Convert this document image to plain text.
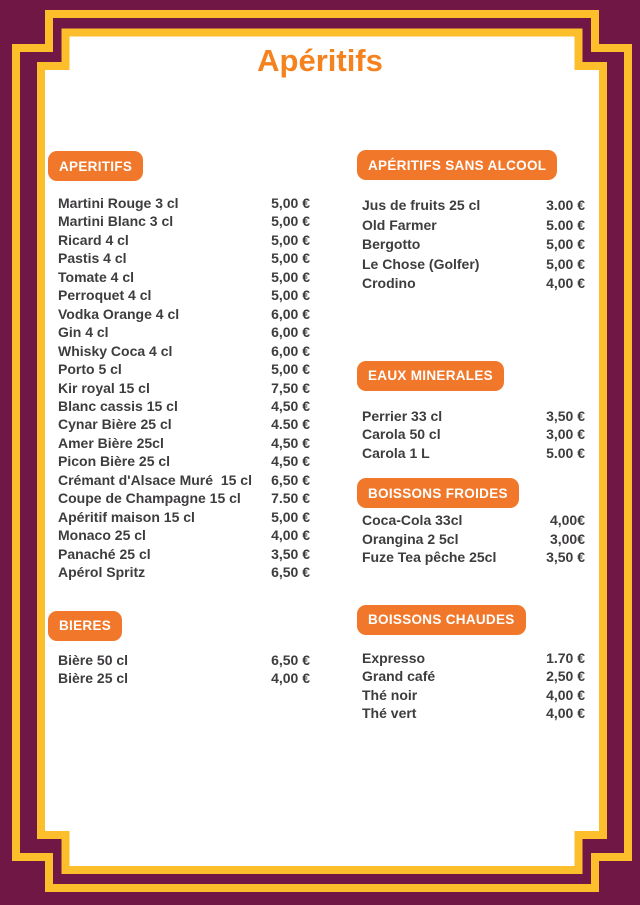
Apéritifs
APERITIFS
Martini Rouge 3 cl	5,00 €
Martini Blanc 3 cl	5,00 €
Ricard 4 cl	5,00 €
Pastis 4 cl	5,00 €
Tomate 4 cl	5,00 €
Perroquet 4 cl	5,00 €
Vodka Orange 4 cl	6,00 €
Gin 4 cl	6,00 €
Whisky Coca 4 cl	6,00 €
Porto 5 cl	5,00 €
Kir royal 15 cl	7,50 €
Blanc cassis 15 cl	4,50 €
Cynar Bière 25 cl	4.50 €
Amer Bière 25cl	4,50 €
Picon Bière 25 cl	4,50 €
Crémant d'Alsace Muré  15 cl 6,50 €
Coupe de Champagne 15 cl 7.50 €
Apéritif maison 15 cl	5,00 €
Monaco 25 cl	4,00 €
Panaché 25 cl	3,50 €
Apérol Spritz	6,50 €
BIERES
Bière 50 cl	6,50 €
Bière 25 cl	4,00 €
APÉRITIFS SANS ALCOOL
Jus de fruits 25 cl	3.00 €
Old Farmer	5.00 €
Bergotto	5,00 €
Le Chose (Golfer)	5,00 €
Crodino	4,00 €
EAUX MINERALES
Perrier 33 cl	3,50 €
Carola 50 cl	3,00 €
Carola 1 L	5.00 €
BOISSONS FROIDES
Coca-Cola 33cl	4,00€
Orangina 2 5cl	3,00€
Fuze Tea pêche 25cl	3,50 €
BOISSONS CHAUDES
Expresso	1.70 €
Grand café	2,50 €
Thé noir	4,00 €
Thé vert	4,00 €
